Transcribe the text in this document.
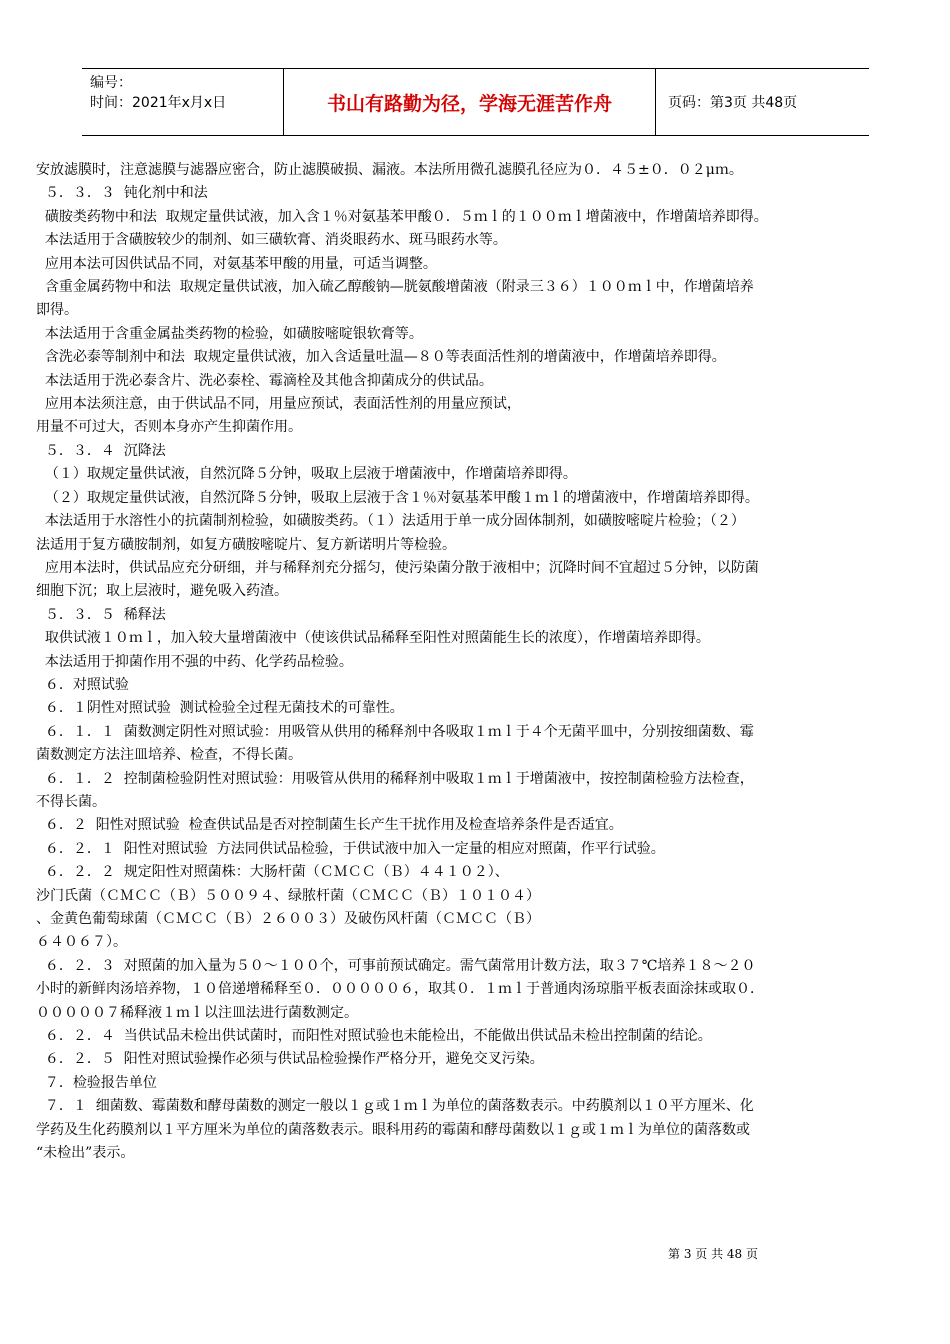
编号：
时间：2021年x月x日	书山有路勤为径，学海无涯苦作舟	页码：第3页 共48页

安放滤膜时，注意滤膜与滤器应密合，防止滤膜破损、漏液。本法所用微孔滤膜孔径应为０．４５±０．０２μｍ。

５．３．３  钝化剂中和法

磺胺类药物中和法  取规定量供试液，加入含１％对氨基苯甲酸０．５ｍｌ的１００ｍｌ增菌液中，作增菌培养即得。

本法适用于含磺胺较少的制剂、如三磺软膏、消炎眼药水、斑马眼药水等。

应用本法可因供试品不同，对氨基苯甲酸的用量，可适当调整。

含重金属药物中和法  取规定量供试液，加入硫乙醇酸钠—胱氨酸增菌液（附录三３６）１００ｍｌ中，作增菌培养

即得。

本法适用于含重金属盐类药物的检验，如磺胺嘧啶银软膏等。

含洗必泰等制剂中和法  取规定量供试液，加入含适量吐温—８０等表面活性剂的增菌液中，作增菌培养即得。

本法适用于洗必泰含片、洗必泰栓、霉滴栓及其他含抑菌成分的供试品。

应用本法须注意，由于供试品不同，用量应预试，表面活性剂的用量应预试，

用量不可过大，否则本身亦产生抑菌作用。

５．３．４  沉降法

（１）取规定量供试液，自然沉降５分钟，吸取上层液于增菌液中，作增菌培养即得。

（２）取规定量供试液，自然沉降５分钟，吸取上层液于含１％对氨基苯甲酸１ｍｌ的增菌液中，作增菌培养即得。

本法适用于水溶性小的抗菌制剂检验，如磺胺类药。（１）法适用于单一成分固体制剂，如磺胺嘧啶片检验；（２）

法适用于复方磺胺制剂，如复方磺胺嘧啶片、复方新诺明片等检验。

应用本法时，供试品应充分研细，并与稀释剂充分摇匀，使污染菌分散于液相中；沉降时间不宜超过５分钟，以防菌

细胞下沉；取上层液时，避免吸入药渣。

５．３．５  稀释法

取供试液１０ｍｌ，加入较大量增菌液中（使该供试品稀释至阳性对照菌能生长的浓度），作增菌培养即得。

本法适用于抑菌作用不强的中药、化学药品检验。

６．对照试验

６．１阴性对照试验  测试检验全过程无菌技术的可靠性。

６．１．１  菌数测定阴性对照试验：用吸管从供用的稀释剂中各吸取１ｍｌ于４个无菌平皿中，分别按细菌数、霉

菌数测定方法注皿培养、检查，不得长菌。

６．１．２  控制菌检验阴性对照试验：用吸管从供用的稀释剂中吸取１ｍｌ于增菌液中，按控制菌检验方法检查，

不得长菌。

６．２  阳性对照试验  检查供试品是否对控制菌生长产生干扰作用及检查培养条件是否适宜。

６．２．１  阳性对照试验  方法同供试品检验，于供试液中加入一定量的相应对照菌，作平行试验。

６．２．２  规定阳性对照菌株：大肠杆菌（ＣＭＣＣ（Ｂ）４４１０２）、

沙门氏菌（ＣＭＣＣ（Ｂ）５００９４、绿脓杆菌（ＣＭＣＣ（Ｂ）１０１０４）

、金黄色葡萄球菌（ＣＭＣＣ（Ｂ）２６００３）及破伤风杆菌（ＣＭＣＣ（Ｂ）

６４０６７）。

６．２．３  对照菌的加入量为５０～１００个，可事前预试确定。需气菌常用计数方法，取３７℃培养１８～２０

小时的新鲜肉汤培养物，１０倍递增稀释至０．０００００６，取其０．１ｍｌ于普通肉汤琼脂平板表面涂抹或取０．

０００００７稀释液１ｍｌ以注皿法进行菌数测定。

６．２．４  当供试品未检出供试菌时，而阳性对照试验也未能检出，不能做出供试品未检出控制菌的结论。

６．２．５  阳性对照试验操作必须与供试品检验操作严格分开，避免交叉污染。

７．检验报告单位

７．１  细菌数、霉菌数和酵母菌数的测定一般以１ｇ或１ｍｌ为单位的菌落数表示。中药膜剂以１０平方厘米、化

学药及生化药膜剂以１平方厘米为单位的菌落数表示。眼科用药的霉菌和酵母菌数以１ｇ或１ｍｌ为单位的菌落数或

“未检出”表示。

第 3 页 共 48 页
